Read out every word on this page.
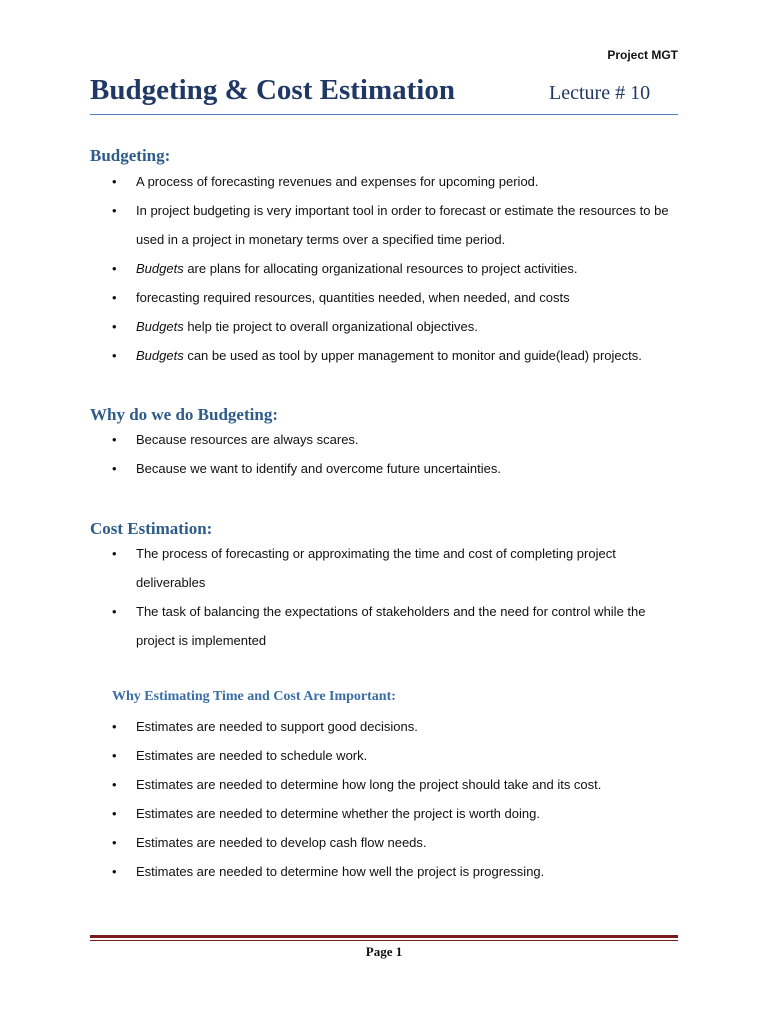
Project MGT
Budgeting & Cost Estimation	Lecture # 10
Budgeting:
• A process of forecasting revenues and expenses for upcoming period.
• In project budgeting is very important tool in order to forecast or estimate the resources to be used in a project in monetary terms over a specified time period.
• Budgets are plans for allocating organizational resources to project activities.
• forecasting required resources, quantities needed, when needed, and costs
• Budgets help tie project to overall organizational objectives.
• Budgets can be used as tool by upper management to monitor and guide(lead) projects.
Why do we do Budgeting:
• Because resources are always scares.
• Because we want to identify and overcome future uncertainties.
Cost Estimation:
• The process of forecasting or approximating the time and cost of completing project deliverables
• The task of balancing the expectations of stakeholders and the need for control while the project is implemented
Why Estimating Time and Cost Are Important:
• Estimates are needed to support good decisions.
• Estimates are needed to schedule work.
• Estimates are needed to determine how long the project should take and its cost.
• Estimates are needed to determine whether the project is worth doing.
• Estimates are needed to develop cash flow needs.
• Estimates are needed to determine how well the project is progressing.
Page 1
